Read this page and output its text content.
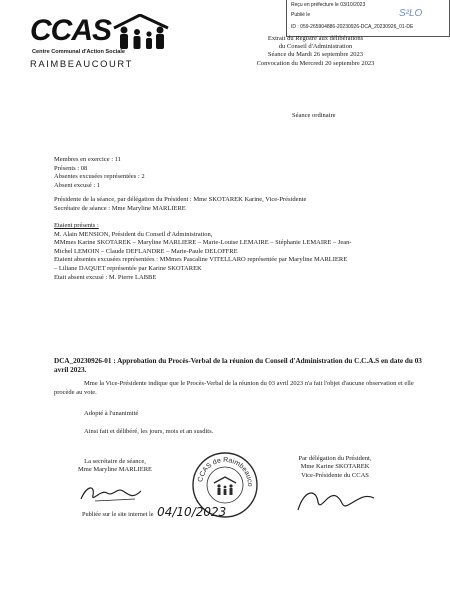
Reçu en préfecture le 03/10/2023
Publié le
ID : 059-265904886-20230926-DCA_20230926_01-DE
S²LO
CCAS
Centre Communal d'Action Sociale
RAIMBEAUCOURT
Extrait du Registre aux délibérations
du Conseil d'Administration
Séance du Mardi 26 septembre 2023
Convocation du Mercredi 20 septembre 2023
Séance ordinaire
Membres en exercice : 11
Présents : 08
Absentes excusées représentées : 2
Absent excusé : 1
Présidente de la séance, par délégation du Président : Mme SKOTAREK Karine, Vice-Présidente
Secrétaire de séance : Mme Maryline MARLIERE
Etaient présents :
M. Alain MENSION, Président du Conseil d'Administration,
MMmes Karine SKOTAREK – Maryline MARLIERE – Marie-Louise LEMAIRE – Stéphanie LEMAIRE – Jean-
Michel LEMOIN – Claude DEFLANDRE – Marie-Paule DELOFFRE
Etaient absentes excusées représentées : MMmes Pascaline VITELLARO représentée par Maryline MARLIERE
– Liliane DAQUET représentée par Karine SKOTAREK
Etait absent excusé : M. Pierre LABBE
DCA_20230926-01 : Approbation du Procès-Verbal de la réunion du Conseil d'Administration du C.C.A.S en date du 03 avril 2023.
Mme la Vice-Présidente indique que le Procès-Verbal de la réunion du 03 avril 2023 n'a fait l'objet d'aucune observation et elle procède au vote.
Adopté à l'unanimité
Ainsi fait et délibéré, les jours, mois et an susdits.
La secrétaire de séance,
Mme Maryline MARLIERE
Par délégation du Président,
Mme Karine SKOTAREK
Vice-Présidente du CCAS
CCAS de Raimbeauco
Publiée sur le site internet le 04/10/2023
